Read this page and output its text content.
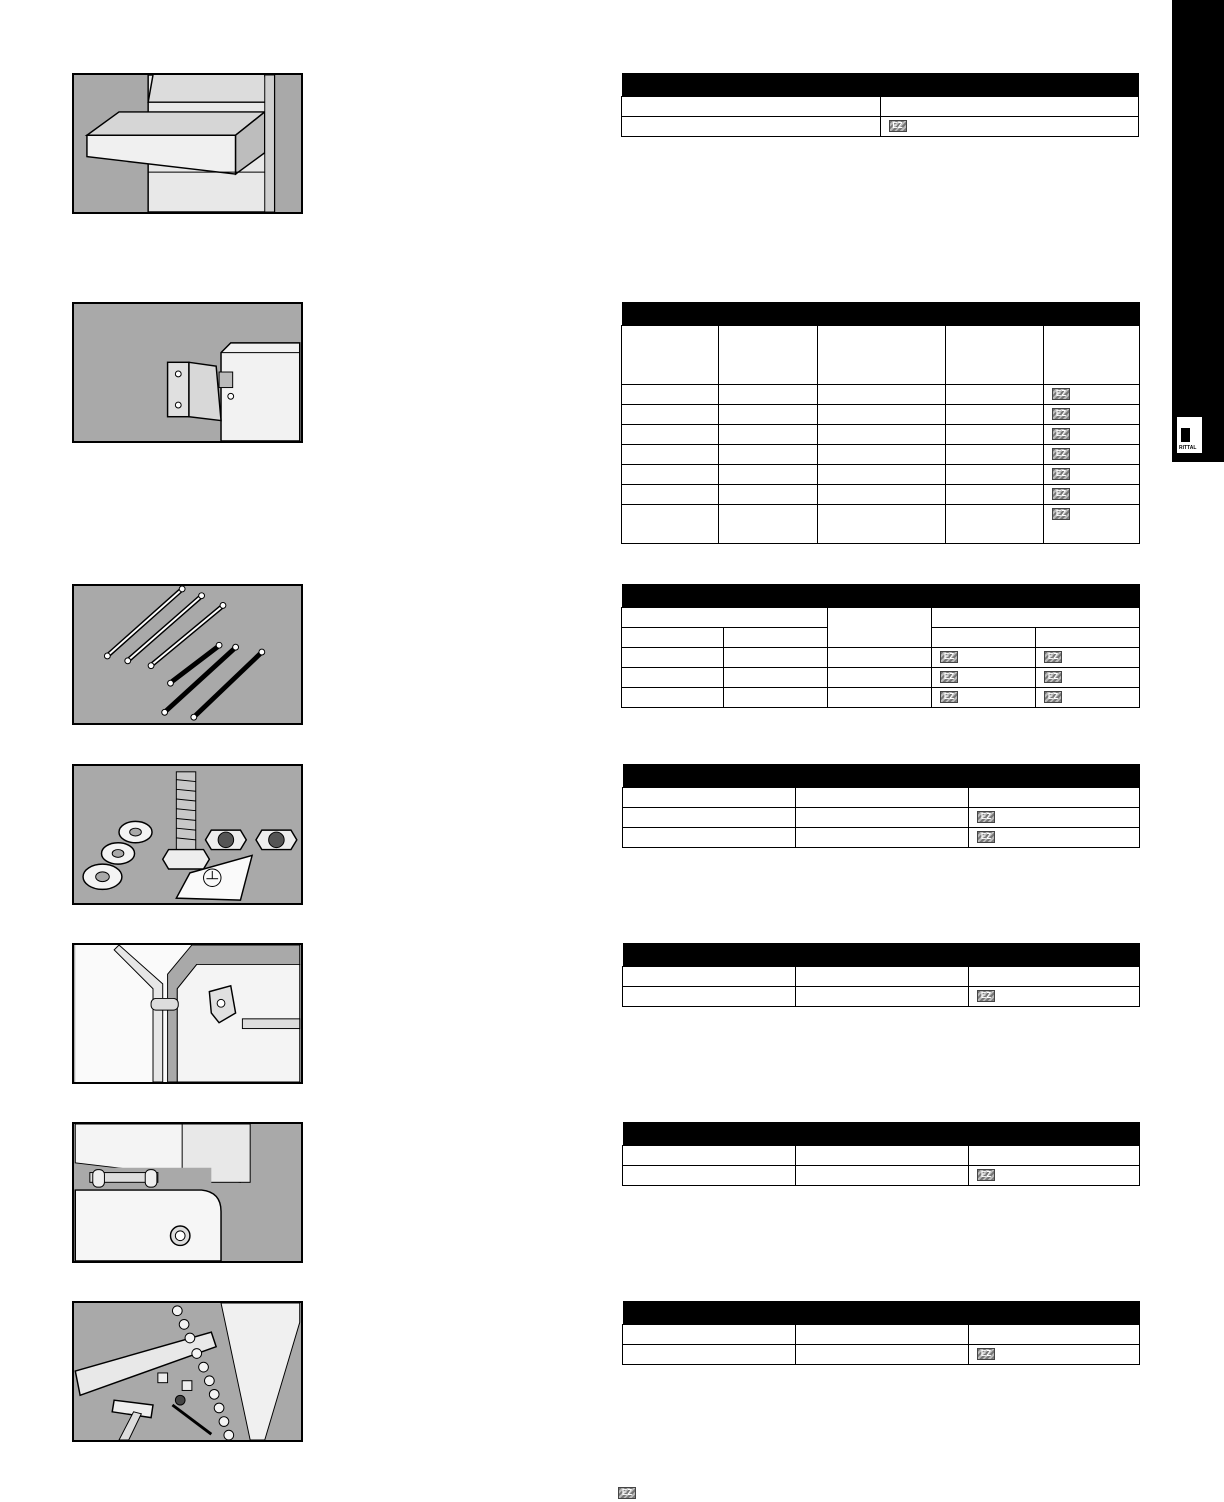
RITTAL

	EZ

				EZ
				EZ
				EZ
				EZ
				EZ
				EZ
				EZ

			EZ	EZ
			EZ	EZ
			EZ	EZ

		EZ
		EZ

		EZ

		EZ

		EZ
EZ
